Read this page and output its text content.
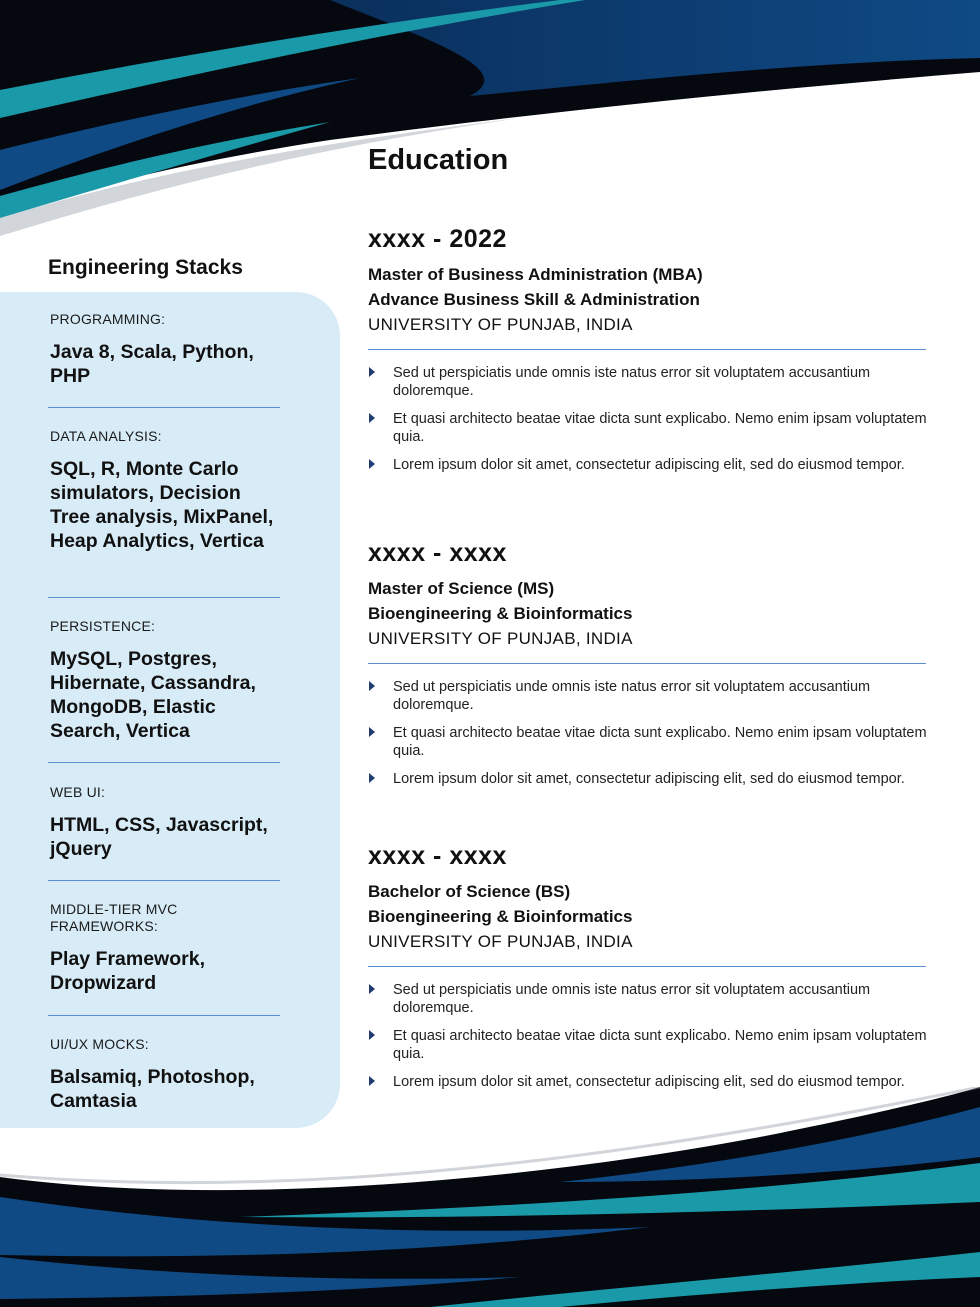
Engineering Stacks
PROGRAMMING:
Java 8, Scala, Python, PHP
DATA ANALYSIS:
SQL, R, Monte Carlo simulators, Decision Tree analysis, MixPanel, Heap Analytics, Vertica
PERSISTENCE:
MySQL, Postgres, Hibernate, Cassandra, MongoDB, Elastic Search, Vertica
WEB UI:
HTML, CSS, Javascript, jQuery
MIDDLE-TIER MVC FRAMEWORKS:
Play Framework, Dropwizard
UI/UX MOCKS:
Balsamiq, Photoshop, Camtasia
Education
xxxx - 2022
Master of Business Administration (MBA)
Advance Business Skill & Administration
UNIVERSITY OF PUNJAB, INDIA
Sed ut perspiciatis unde omnis iste natus error sit voluptatem accusantium doloremque.
Et quasi architecto beatae vitae dicta sunt explicabo. Nemo enim ipsam voluptatem quia.
Lorem ipsum dolor sit amet, consectetur adipiscing elit, sed do eiusmod tempor.
xxxx - xxxx
Master of Science (MS)
Bioengineering & Bioinformatics
UNIVERSITY OF PUNJAB, INDIA
Sed ut perspiciatis unde omnis iste natus error sit voluptatem accusantium doloremque.
Et quasi architecto beatae vitae dicta sunt explicabo. Nemo enim ipsam voluptatem quia.
Lorem ipsum dolor sit amet, consectetur adipiscing elit, sed do eiusmod tempor.
xxxx - xxxx
Bachelor of Science (BS)
Bioengineering & Bioinformatics
UNIVERSITY OF PUNJAB, INDIA
Sed ut perspiciatis unde omnis iste natus error sit voluptatem accusantium doloremque.
Et quasi architecto beatae vitae dicta sunt explicabo. Nemo enim ipsam voluptatem quia.
Lorem ipsum dolor sit amet, consectetur adipiscing elit, sed do eiusmod tempor.
